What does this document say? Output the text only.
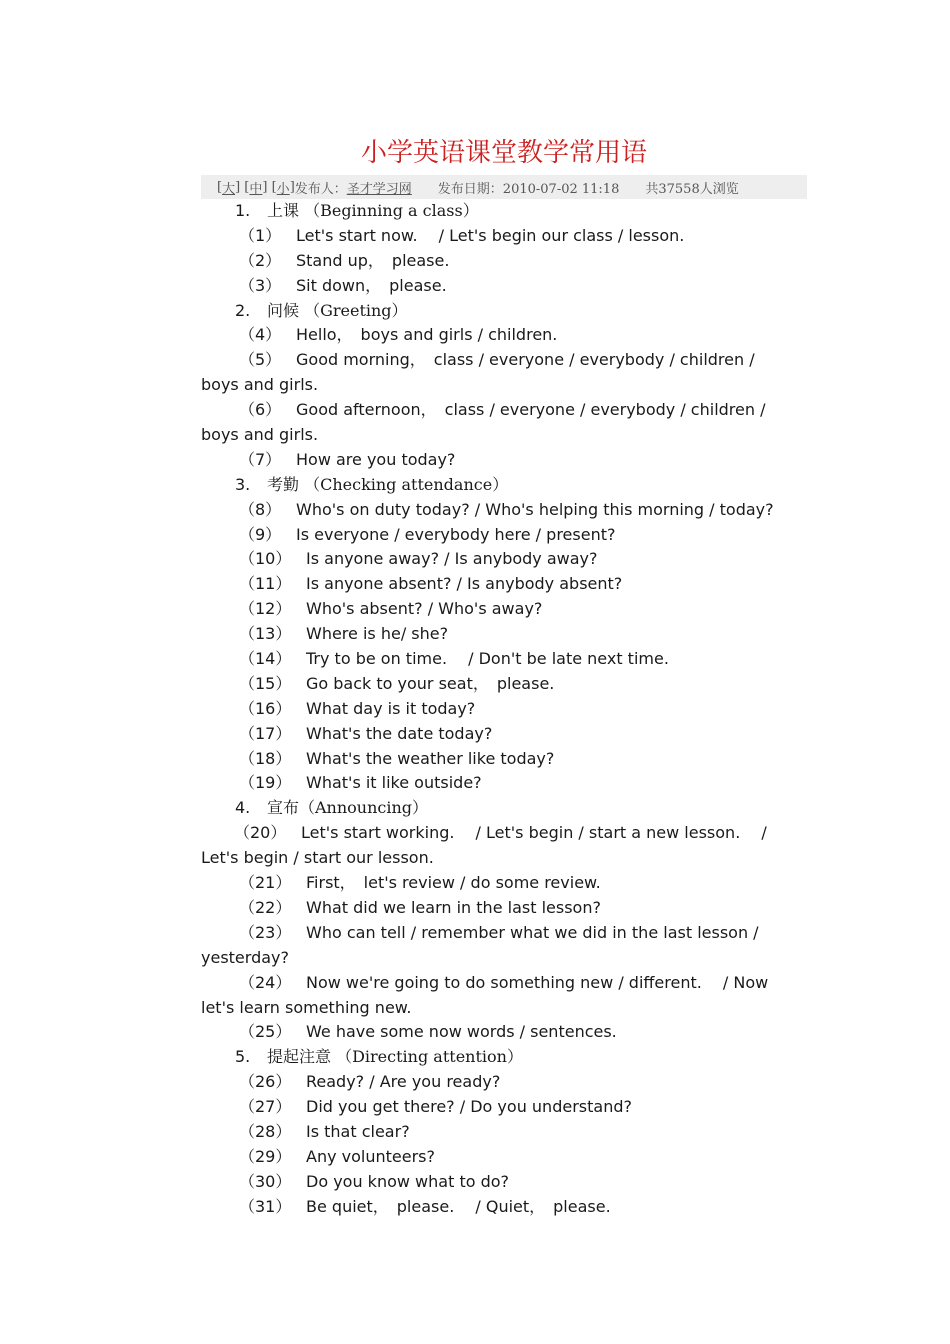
小学英语课堂教学常用语
[ 大 ] [ 中 ] [ 小 ] 发布人： 圣才学习网 发布日期：2010-07-02 11:18 共37558人浏览
1. 上课 （Beginning a class）
（1） Let's start now.　 / Let's begin our class / lesson.
（2） Stand up，　please.
（3） Sit down，　please.
2. 问候 （Greeting）
（4） Hello，　boys and girls / children.
（5） Good morning，　class / everyone / everybody / children /
boys and girls.
（6） Good afternoon，　class / everyone / everybody / children /
boys and girls.
（7） How are you today?
3. 考勤 （Checking attendance）
（8） Who's on duty today? / Who's helping this morning / today?
（9） Is everyone / everybody here / present?
（10） Is anyone away? / Is anybody away?
（11） Is anyone absent? / Is anybody absent?
（12） Who's absent? / Who's away?
（13） Where is he/ she?
（14） Try to be on time.　 / Don't be late next time.
（15） Go back to your seat，　please.
（16） What day is it today?
（17） What's the date today?
（18） What's the weather like today?
（19） What's it like outside?
4. 宣布（Announcing）
（20） Let's start working.　 / Let's begin / start a new lesson.　 /
Let's begin / start our lesson.
（21） First，　let's review / do some review.
（22） What did we learn in the last lesson?
（23） Who can tell / remember what we did in the last lesson /
yesterday?
（24） Now we're going to do something new / different.　 / Now
let's learn something new.
（25） We have some now words / sentences.
5. 提起注意 （Directing attention）
（26） Ready? / Are you ready?
（27） Did you get there? / Do you understand?
（28） Is that clear?
（29） Any volunteers?
（30） Do you know what to do?
（31） Be quiet，　please.　 / Quiet，　please.
